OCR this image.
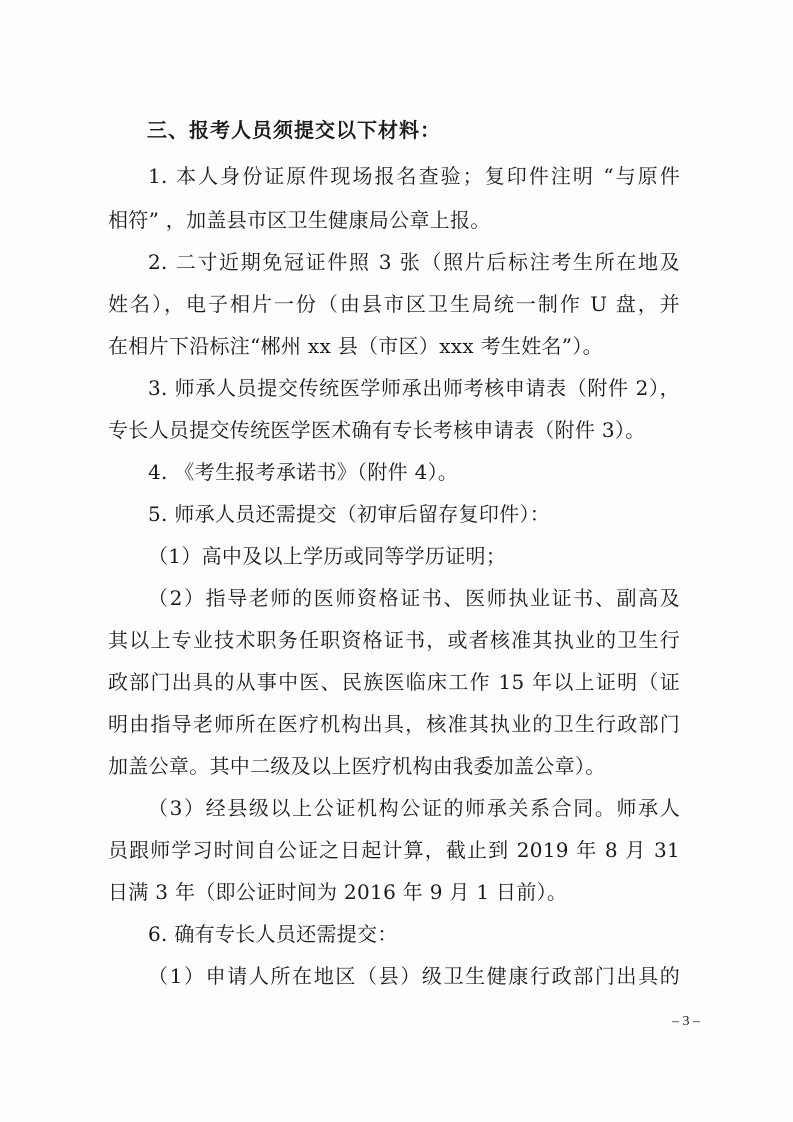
三、报考人员须提交以下材料：
1. 本人身份证原件现场报名查验；复印件注明 “与原件
相符” ，加盖县市区卫生健康局公章上报。
2. 二寸近期免冠证件照 3 张（照片后标注考生所在地及
姓名），电子相片一份（由县市区卫生局统一制作 U 盘，并
在相片下沿标注“郴州 xx 县（市区）xxx 考生姓名”）。
3. 师承人员提交传统医学师承出师考核申请表（附件 2），
专长人员提交传统医学医术确有专长考核申请表（附件 3）。
4. 《考生报考承诺书》（附件 4）。
5. 师承人员还需提交（初审后留存复印件）：
（1）高中及以上学历或同等学历证明；
（2）指导老师的医师资格证书、医师执业证书、副高及
其以上专业技术职务任职资格证书，或者核准其执业的卫生行
政部门出具的从事中医、民族医临床工作 15 年以上证明（证
明由指导老师所在医疗机构出具，核准其执业的卫生行政部门
加盖公章。其中二级及以上医疗机构由我委加盖公章）。
（3）经县级以上公证机构公证的师承关系合同。师承人
员跟师学习时间自公证之日起计算，截止到 2019 年 8 月 31
日满 3 年（即公证时间为 2016 年 9 月 1 日前）。
6. 确有专长人员还需提交：
（1）申请人所在地区（县）级卫生健康行政部门出具的
– 3 –
